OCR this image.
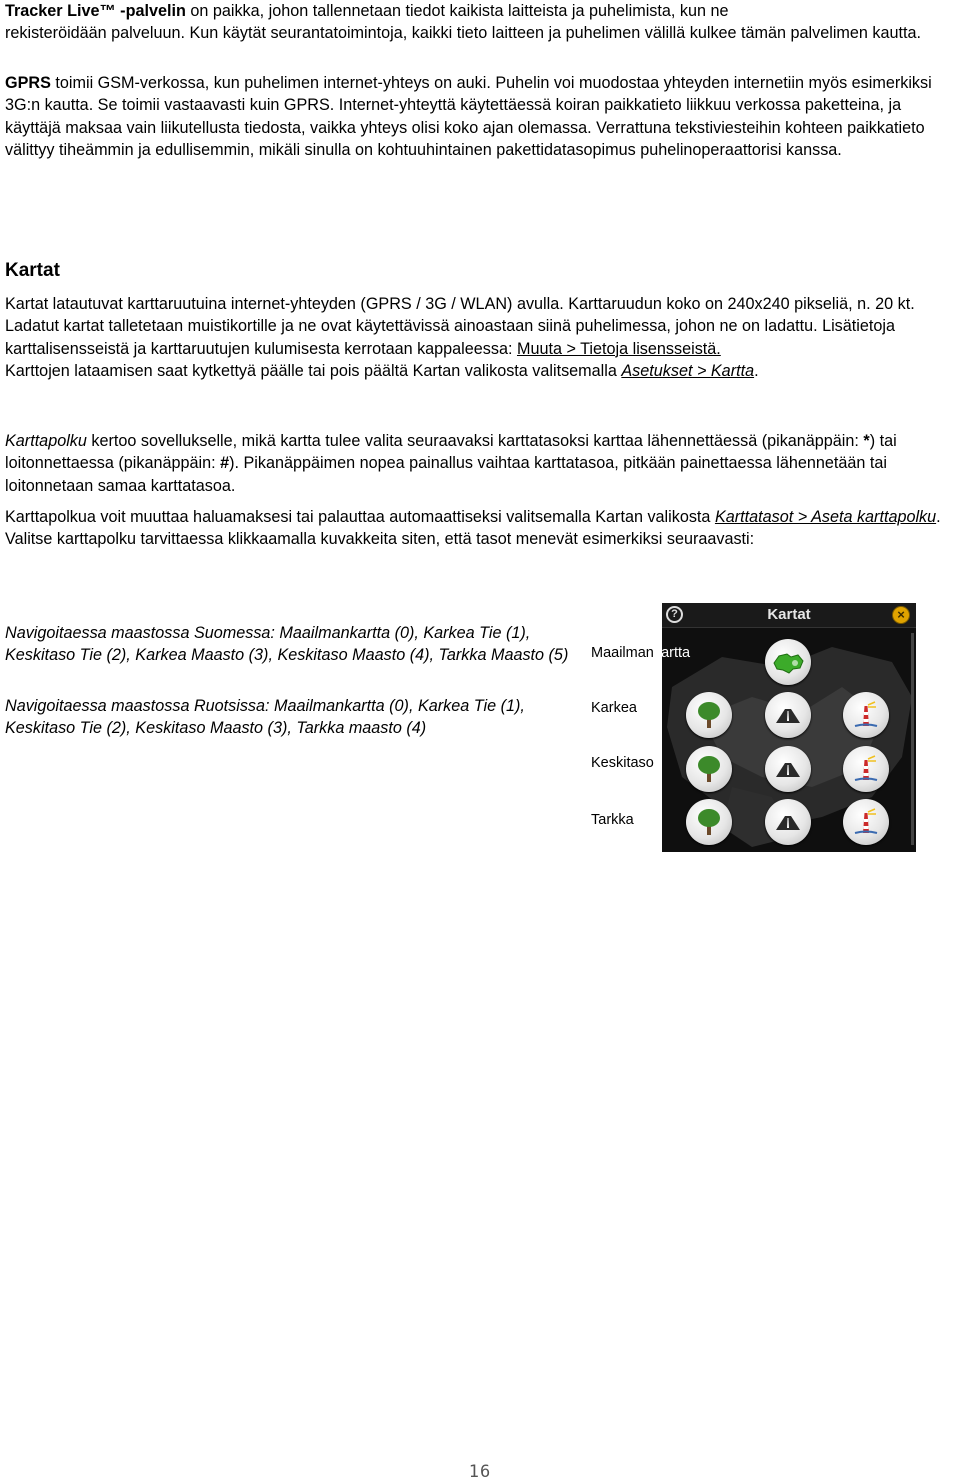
Tracker Live™ -palvelin on paikka, johon tallennetaan tiedot kaikista laitteista ja puhelimista, kun ne
rekisteröidään palveluun. Kun käytät seurantatoimintoja, kaikki tieto laitteen ja puhelimen välillä kulkee tämän palvelimen kautta.

GPRS toimii GSM-verkossa, kun puhelimen internet-yhteys on auki. Puhelin voi muodostaa yhteyden internetiin myös esimerkiksi 3G:n kautta. Se toimii vastaavasti kuin GPRS. Internet-yhteyttä käytettäessä koiran paikkatieto liikkuu verkossa paketteina, ja käyttäjä maksaa vain liikutellusta tiedosta, vaikka yhteys olisi koko ajan olemassa. Verrattuna tekstiviesteihin kohteen paikkatieto välittyy tiheämmin ja edullisemmin, mikäli sinulla on kohtuuhintainen pakettidatasopimus puhelinoperaattorisi kanssa.

Kartat

Kartat latautuvat karttaruutuina internet-yhteyden (GPRS / 3G / WLAN) avulla. Karttaruudun koko on 240x240 pikseliä, n. 20 kt. Ladatut kartat talletetaan muistikortille ja ne ovat käytettävissä ainoastaan siinä puhelimessa, johon ne on ladattu. Lisätietoja karttalisensseistä ja karttaruutujen kulumisesta kerrotaan kappaleessa: Muuta > Tietoja lisensseistä.

Karttojen lataamisen saat kytkettyä päälle tai pois päältä Kartan valikosta valitsemalla Asetukset > Kartta.

Karttapolku kertoo sovellukselle, mikä kartta tulee valita seuraavaksi karttatasoksi karttaa lähennettäessä (pikanäppäin: *) tai loitonnettaessa (pikanäppäin: #). Pikanäppäimen nopea painallus vaihtaa karttatasoa, pitkään painettaessa lähennetään tai loitonnetaan samaa karttatasoa.

Karttapolkua voit muuttaa haluamaksesi tai palauttaa automaattiseksi valitsemalla Kartan valikosta Karttatasot > Aseta karttapolku. Valitse karttapolku tarvittaessa klikkaamalla kuvakkeita siten, että tasot menevät esimerkiksi seuraavasti:

Navigoitaessa maastossa Suomessa: Maailmankartta (0), Karkea Tie (1), Keskitaso Tie (2), Karkea Maasto (3), Keskitaso Maasto (4), Tarkka Maasto (5)

Navigoitaessa maastossa Ruotsissa: Maailmankartta (0), Karkea Tie (1), Keskitaso Tie (2), Keskitaso Maasto (3), Tarkka maasto (4)

?	Kartat	×
Maailmankartta
Karkea
Keskitaso
Tarkka
16
